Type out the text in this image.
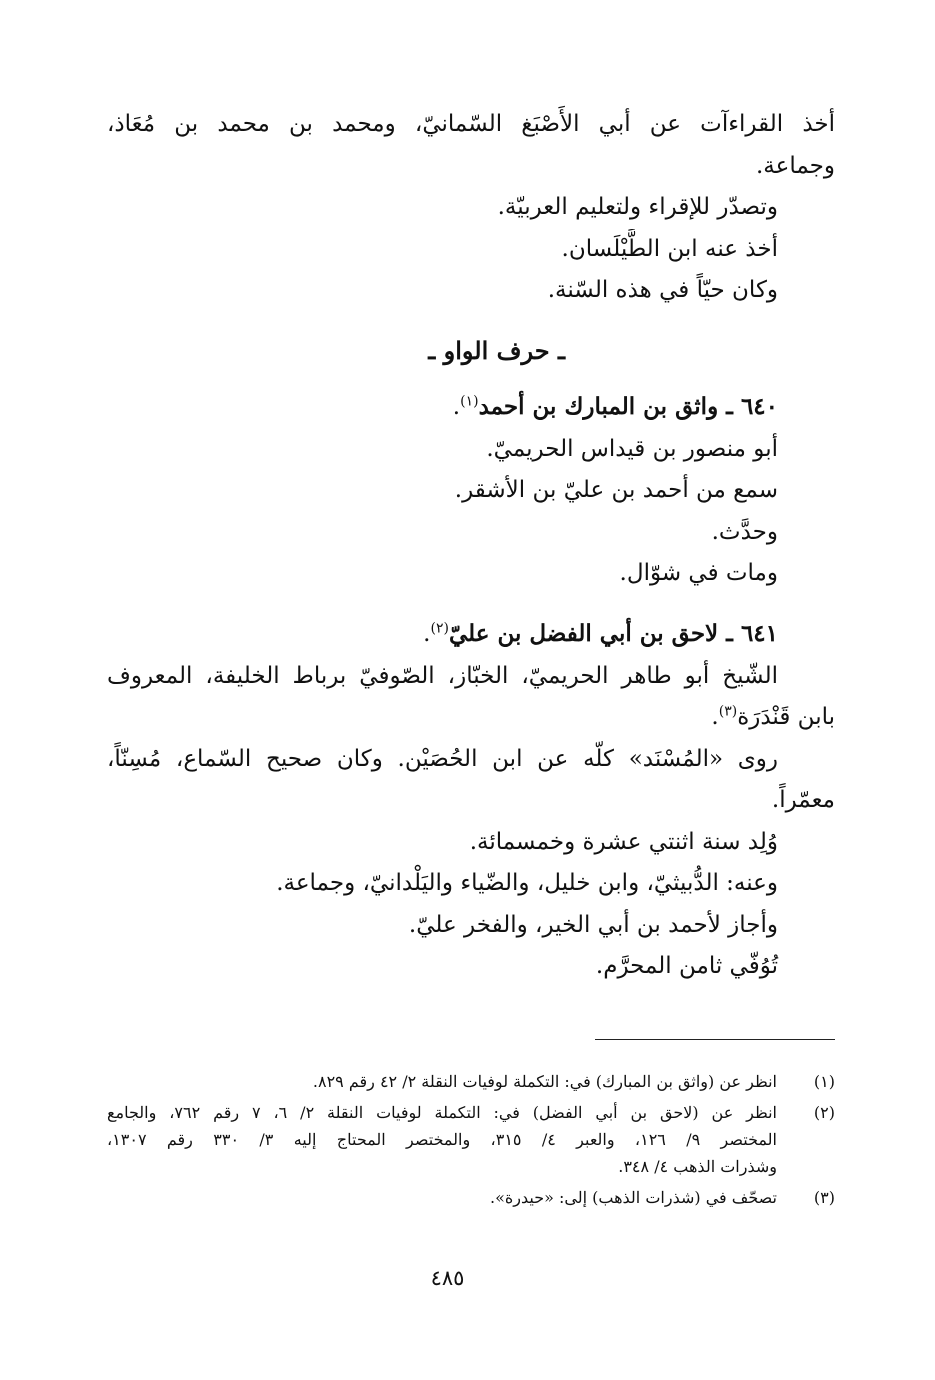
أخذ القراءآت عن أبي الأَصْبَغ السّمانيّ، ومحمد بن محمد بن مُعَاذ،
وجماعة.
وتصدّر للإقراء ولتعليم العربيّة.
أخذ عنه ابن الطَّيْلَسان.
وكان حيّاً في هذه السّنة.
ـ حرف الواو ـ
٦٤٠ ـ واثق بن المبارك بن أحمد$^{(١)}$.
أبو منصور بن قيداس الحريميّ.
سمع من أحمد بن عليّ بن الأشقر.
وحدَّث.
ومات في شوّال.
٦٤١ ـ لاحق بن أبي الفضل بن عليّ$^{(٢)}$.
الشّيخ أبو طاهر الحريميّ، الخبّاز، الصّوفيّ برباط الخليفة، المعروف
بابن قَنْدَرَة$^{(٣)}$.
روى «المُسْنَد» كلّه عن ابن الحُصَيْن. وكان صحيح السّماع، مُسِنّاً،
معمّراً.
وُلِد سنة اثنتي عشرة وخمسمائة.
وعنه: الدُّبيثيّ، وابن خليل، والضّياء واليَلْدانيّ، وجماعة.
وأجاز لأحمد بن أبي الخير، والفخر عليّ.
تُوُفّي ثامن المحرَّم.
(١)
انظر عن (واثق بن المبارك) في: التكملة لوفيات النقلة ٢/ ٤٢ رقم ٨٢٩.
(٢)
انظر عن (لاحق بن أبي الفضل) في: التكملة لوفيات النقلة ٢/ ٦، ٧ رقم ٧٦٢، والجامع
المختصر ٩/ ١٢٦، والعبر ٤/ ٣١٥، والمختصر المحتاج إليه ٣/ ٣٣٠ رقم ١٣٠٧،
وشذرات الذهب ٤/ ٣٤٨.
(٣)
تصحّف في (شذرات الذهب) إلى: «حيدرة».
٤٨٥
